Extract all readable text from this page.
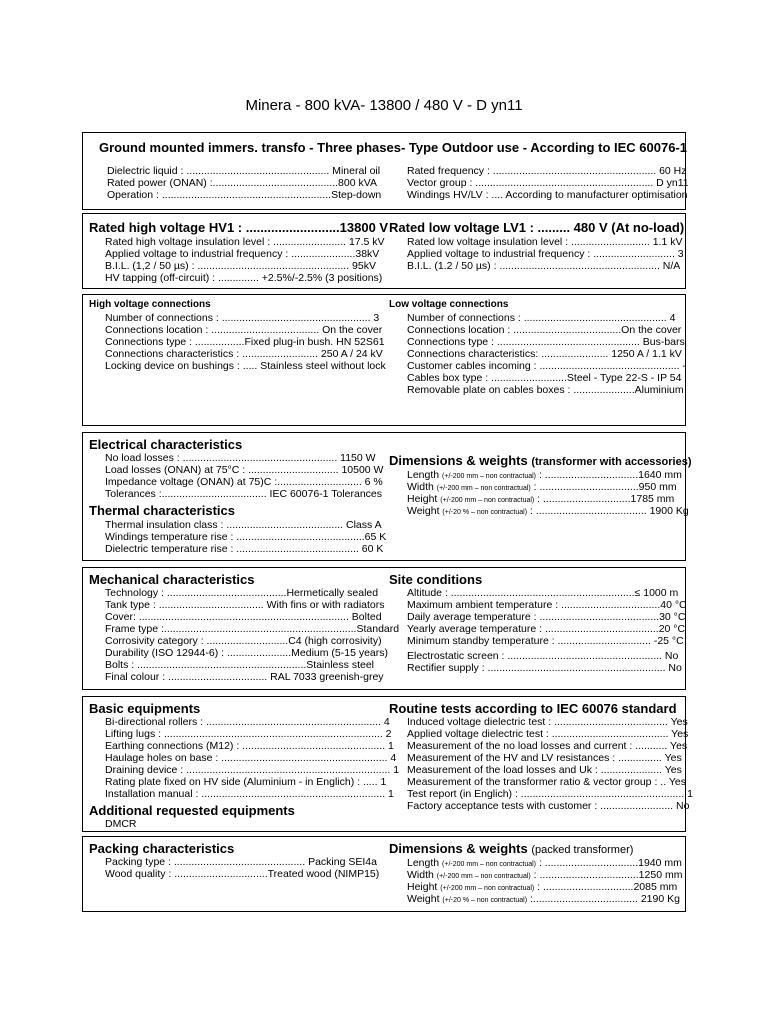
Minera - 800 kVA- 13800 / 480 V - D yn11
Ground mounted immers. transfo - Three phases- Type Outdoor use - According to IEC 60076-1
Dielectric liquid : ................................................. Mineral oil
Rated power (ONAN) :...........................................800 kVA
Operation : ..........................................................Step-down
Rated frequency : ........................................................ 60 Hz
Vector group : ............................................................. D yn11
Windings HV/LV : .... According to manufacturer optimisation
Rated high voltage HV1 : ..........................13800 V Rated low voltage LV1 : ......... 480 V (At no-load)
Rated high voltage insulation level : ......................... 17.5 kV
Applied voltage to industrial frequency : ......................38kV
B.I.L. (1,2 / 50 µs) : .................................................... 95kV
HV tapping (off-circuit) : .............. +2.5%/-2.5% (3 positions)
Rated low voltage insulation level : ........................... 1.1 kV
Applied voltage to industrial frequency : ............................ 3
B.I.L. (1.2 / 50 µs) : ....................................................... N/A
High voltage connections	Low voltage connections
Number of connections : ................................................... 3
Connections location : ..................................... On the cover
Connections type : .................Fixed plug-in bush. HN 52S61
Connections characteristics : .......................... 250 A / 24 kV
Locking device on bushings : ..... Stainless steel without lock
Number of connections : ................................................. 4
Connections location : .....................................On the cover
Connections type : ................................................. Bus-bars
Connections characteristics: ....................... 1250 A / 1.1 kV
Customer cables incoming : ................................................ -
Cables box type : ..........................Steel - Type 22-S - IP 54
Removable plate on cables boxes : .....................Aluminium
Electrical characteristics
No load losses : ..................................................... 1150 W
Load losses (ONAN) at 75°C : ............................... 10500 W
Impedance voltage (ONAN) at 75)C :............................. 6 %
Tolerances :.................................... IEC 60076-1 Tolerances
Thermal characteristics
Thermal insulation class : ........................................ Class A
Windings temperature rise : ............................................65 K
Dielectric temperature rise : .......................................... 60 K
Dimensions & weights (transformer with accessories)
Length (+/-200 mm – non contractual) : ................................1640 mm
Width (+/-200 mm – non contractual) : ..................................950 mm
Height (+/-200 mm – non contractual) : ..............................1785 mm
Weight (+/-20 % – non contractual) : ...................................... 1900 Kg
Mechanical characteristics
Technology : .........................................Hermetically sealed
Tank type : .................................... With fins or with radiators
Cover: ........................................................................ Bolted
Frame type :..................................................................Standard
Corrosivity category : ............................C4 (high corrosivity)
Durability (ISO 12944-6) : ......................Medium (5-15 years)
Bolts : ..........................................................Stainless steel
Final colour : .................................. RAL 7033 greenish-grey
Site conditions
Altitude : ...............................................................≤ 1000 m
Maximum ambient temperature : ..................................40 °C
Daily average temperature : .........................................30 °C
Yearly average temperature : .......................................20 °C
Minimum standby temperature : ................................ -25 °C
Electrostatic screen : ..................................................... No
Rectifier supply : ............................................................. No
Basic equipments
Bi-directional rollers : ............................................................ 4
Lifting lugs : ........................................................................... 2
Earthing connections (M12) : ................................................. 1
Haulage holes on base : ......................................................... 4
Draining device : ...................................................................... 1
Rating plate fixed on HV side (Aluminium - in Englich) : ..... 1
Installation manual : ............................................................... 1
Additional requested equipments
DMCR
Routine tests according to IEC 60076 standard
Induced voltage dielectric test : ....................................... Yes
Applied voltage dielectric test : ........................................ Yes
Measurement of the no load losses and current : ........... Yes
Measurement of the HV and LV resistances : ............... Yes
Measurement of the load losses and Uk : ..................... Yes
Measurement of the transformer ratio & vector group : .. Yes
Test report (in Englich) : ........................................................ 1
Factory acceptance tests with customer : ......................... No
Packing characteristics
Packing type : ............................................. Packing SEI4a
Wood quality : ................................Treated wood (NIMP15)
Dimensions & weights (packed transformer)
Length (+/-200 mm – non contractual) : ................................1940 mm
Width (+/-200 mm – non contractual) : ..................................1250 mm
Height (+/-200 mm – non contractual) : ...............................2085 mm
Weight (+/-20 % – non contractual) :.................................... 2190 Kg
